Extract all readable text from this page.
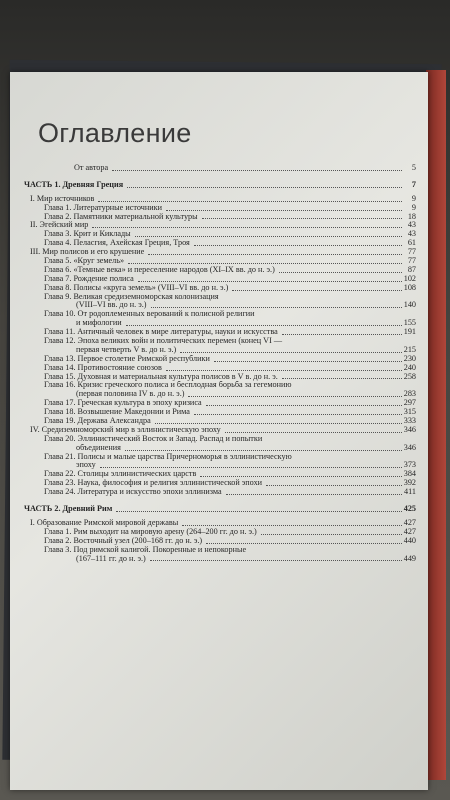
Оглавление
От автора	5
ЧАСТЬ 1. Древняя Греция	7
I. Мир источников	9
Глава 1. Литературные источники	9
Глава 2. Памятники материальной культуры	18
II. Эгейский мир	43
Глава 3. Крит и Киклады	43
Глава 4. Пеласгия, Ахейская Греция, Троя	61
III. Мир полисов и его крушение	77
Глава 5. «Круг земель»	77
Глава 6. «Темные века» и переселение народов (XI–IX вв. до н. э.)	87
Глава 7. Рождение полиса	102
Глава 8. Полисы «круга земель» (VIII–VI вв. до н. э.)	108
Глава 9. Великая средиземноморская колонизация
(VIII–VI вв. до н. э.)	140
Глава 10. От родоплеменных верований к полисной религии
и мифологии	155
Глава 11. Античный человек в мире литературы, науки и искусства	191
Глава 12. Эпоха великих войн и политических перемен (конец VI —
первая четверть V в. до н. э.)	215
Глава 13. Первое столетие Римской республики	230
Глава 14. Противостояние союзов	240
Глава 15. Духовная и материальная культура полисов в V в. до н. э.	258
Глава 16. Кризис греческого полиса и бесплодная борьба за гегемонию
(первая половина IV в. до н. э.)	283
Глава 17. Греческая культура в эпоху кризиса	297
Глава 18. Возвышение Македонии и Рима	315
Глава 19. Держава Александра	333
IV. Средиземноморский мир в эллинистическую эпоху	346
Глава 20. Эллинистический Восток и Запад. Распад и попытки
объединения	346
Глава 21. Полисы и малые царства Причерноморья в эллинистическую
эпоху	373
Глава 22. Столицы эллинистических царств	384
Глава 23. Наука, философия и религия эллинистической эпохи	392
Глава 24. Литература и искусство эпохи эллинизма	411
ЧАСТЬ 2. Древний Рим	425
I. Образование Римской мировой державы	427
Глава 1. Рим выходит на мировую арену (264–200 гг. до н. э.)	427
Глава 2. Восточный узел (200–168 гг. до н. э.)	440
Глава 3. Под римской калигой. Покоренные и непокорные
(167–111 гг. до н. э.)	449
